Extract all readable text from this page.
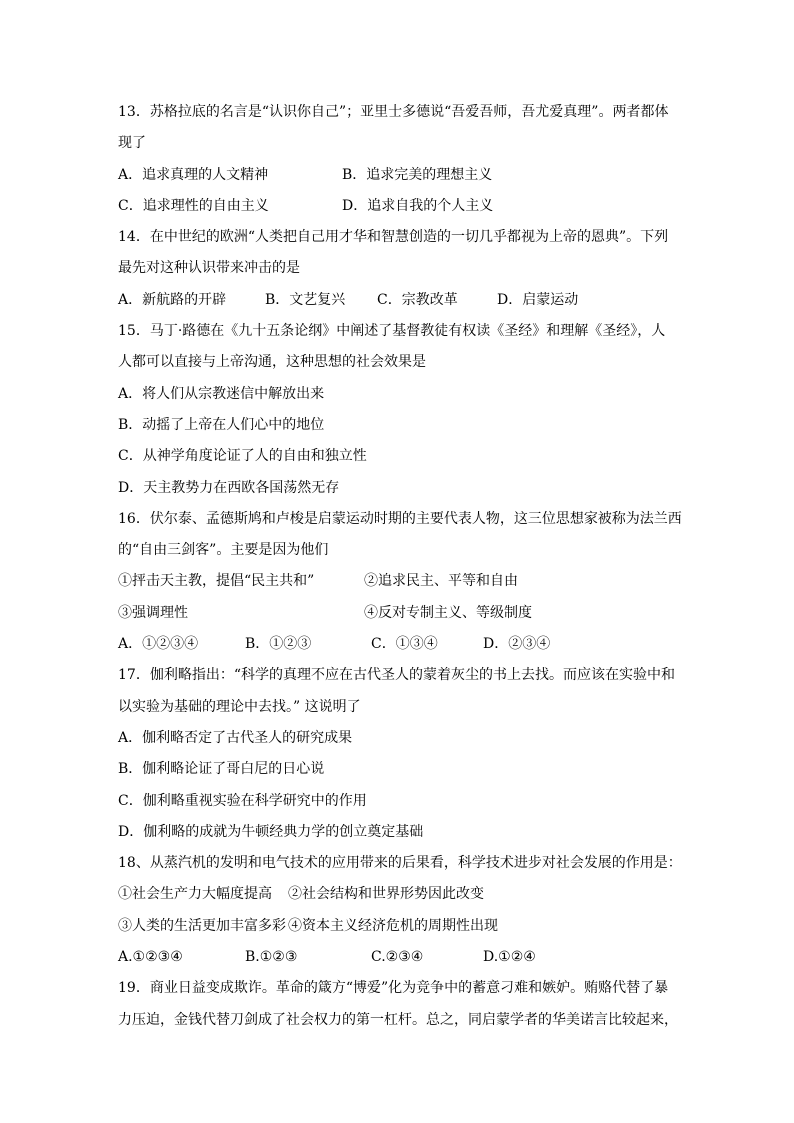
13．苏格拉底的名言是“认识你自己”；亚里士多德说“吾爱吾师，吾尤爱真理”。两者都体
现了
A．追求真理的人文精神	B．追求完美的理想主义
C．追求理性的自由主义	D．追求自我的个人主义
14．在中世纪的欧洲“人类把自己用才华和智慧创造的一切几乎都视为上帝的恩典”。下列
最先对这种认识带来冲击的是
A．新航路的开辟	B．文艺复兴 C．宗教改革	D．启蒙运动
15．马丁·路德在《九十五条论纲》中阐述了基督教徒有权读《圣经》和理解《圣经》，人
人都可以直接与上帝沟通，这种思想的社会效果是
A．将人们从宗教迷信中解放出来
B．动摇了上帝在人们心中的地位
C．从神学角度论证了人的自由和独立性
D．天主教势力在西欧各国荡然无存
16．伏尔泰、孟德斯鸠和卢梭是启蒙运动时期的主要代表人物，这三位思想家被称为法兰西
的“自由三剑客”。主要是因为他们
①抨击天主教，提倡“民主共和”	②追求民主、平等和自由
③强调理性	④反对专制主义、等级制度
A．①②③④	B．①②③	C．①③④	D．②③④
17．伽利略指出：“科学的真理不应在古代圣人的蒙着灰尘的书上去找。而应该在实验中和
以实验为基础的理论中去找。” 这说明了
A．伽利略否定了古代圣人的研究成果
B．伽利略论证了哥白尼的日心说
C．伽利略重视实验在科学研究中的作用
D．伽利略的成就为牛顿经典力学的创立奠定基础
18、从蒸汽机的发明和电气技术的应用带来的后果看，科学技术进步对社会发展的作用是：
①社会生产力大幅度提高 ②社会结构和世界形势因此改变
③人类的生活更加丰富多彩 ④资本主义经济危机的周期性出现
A.①②③④	B.①②③	C.②③④	D.①②④
19．商业日益变成欺诈。革命的箴方“博爱”化为竞争中的蓄意刁难和嫉妒。贿赂代替了暴
力压迫，金钱代替刀剑成了社会权力的第一杠杆。总之，同启蒙学者的华美诺言比较起来，
